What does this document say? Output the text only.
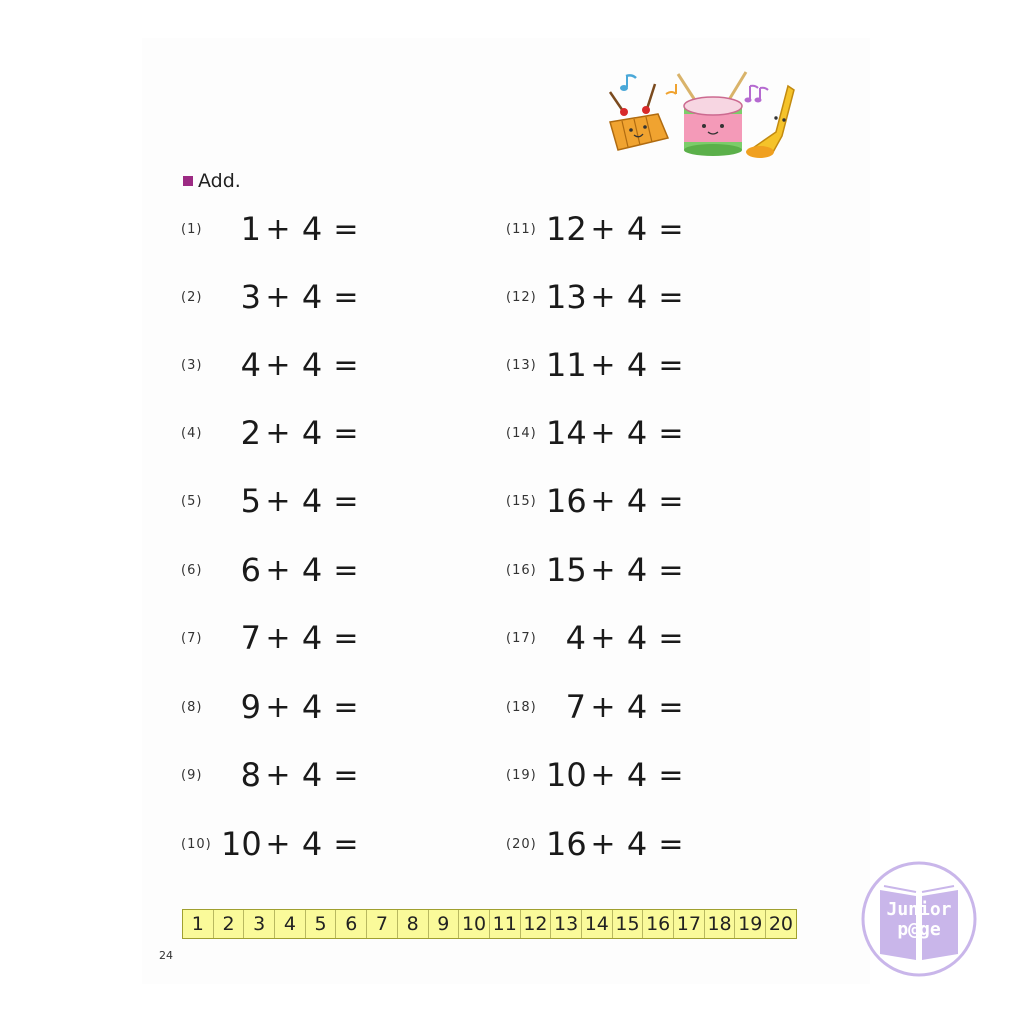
Add.
(1)	1 + 4 =
(2)	3 + 4 =
(3)	4 + 4 =
(4)	2 + 4 =
(5)	5 + 4 =
(6)	6 + 4 =
(7)	7 + 4 =
(8)	9 + 4 =
(9)	8 + 4 =
(10) 10 + 4 =
(11) 12 + 4 =
(12) 13 + 4 =
(13) 11 + 4 =
(14) 14 + 4 =
(15) 16 + 4 =
(16) 15 + 4 =
(17) 4 + 4 =
(18) 7 + 4 =
(19) 10 + 4 =
(20) 16 + 4 =
1 2 3 4 5 6 7 8 9 10 11 12 13 14 15 16 17 18 19 20
24
Junior
p@ge
